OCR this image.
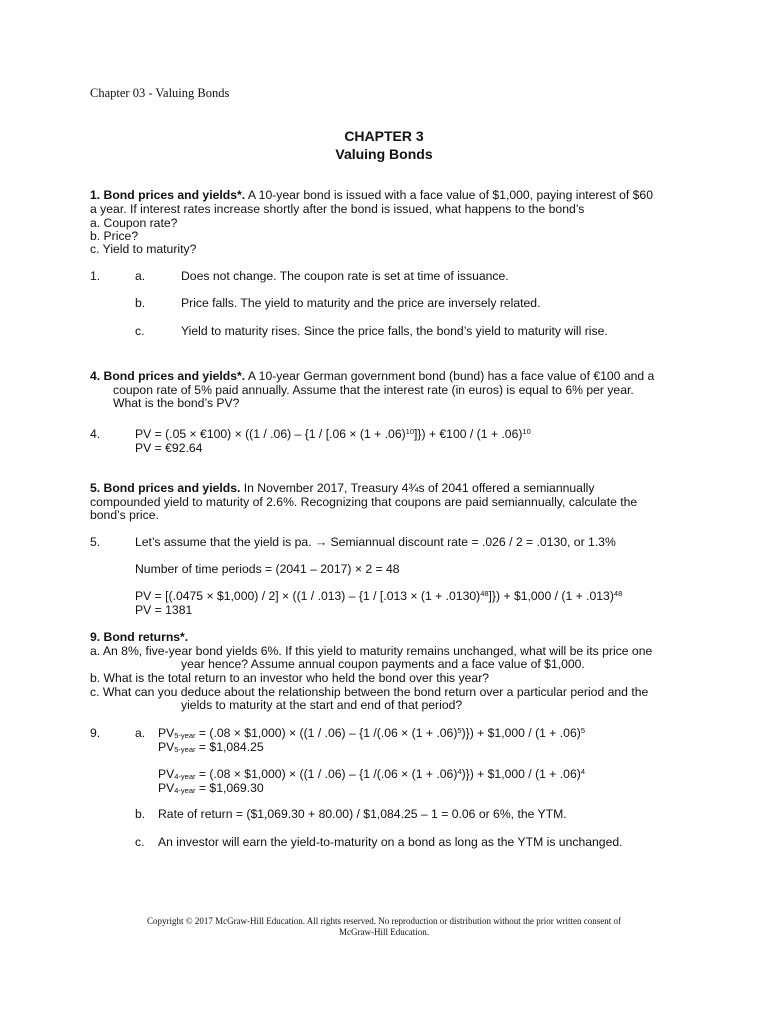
Chapter 03 - Valuing Bonds
CHAPTER 3
Valuing Bonds
1. Bond prices and yields*. A 10-year bond is issued with a face value of $1,000, paying interest of $60
a year. If interest rates increase shortly after the bond is issued, what happens to the bond’s
a. Coupon rate?
b. Price?
c. Yield to maturity?
1.	a.	Does not change. The coupon rate is set at time of issuance.
b.	Price falls. The yield to maturity and the price are inversely related.
c.	Yield to maturity rises. Since the price falls, the bond’s yield to maturity will rise.
4. Bond prices and yields*. A 10-year German government bond (bund) has a face value of €100 and a
coupon rate of 5% paid annually. Assume that the interest rate (in euros) is equal to 6% per year.
What is the bond’s PV?
4.	PV = (.05 × €100) × $((1 / .06) - \{1 / [.06 \times (1 + .06)^{10}]\})$ + €100 / $(1 + .06)^{10}$
PV = €92.64
5. Bond prices and yields. In November 2017, Treasury 4¾s of 2041 offered a semiannually
compounded yield to maturity of 2.6%. Recognizing that coupons are paid semiannually, calculate the
bond’s price.
5.	Let’s assume that the yield is pa. → Semiannual discount rate = .026 / 2 = .0130, or 1.3%
Number of time periods = (2041 – 2017) × 2 = 48
PV = [(.0475 × $1,000) / $2] \times ((1 / .013) - \{1 / [.013 \times (1 + .0130)^{48}]\})$ + $1,000 / $(1 + .013)^{48}$
PV = 1381
9. Bond returns*.
a. An 8%, five-year bond yields 6%. If this yield to maturity remains unchanged, what will be its price one
year hence? Assume annual coupon payments and a face value of $1,000.
b. What is the total return to an investor who held the bond over this year?
c. What can you deduce about the relationship between the bond return over a particular period and the
yields to maturity at the start and end of that period?
9.	a. $PV_{5-year} = (.08$ × $1,000) × ((1 / .06) – {1 $/(.06 \times (1 + .06)^5)$}) + $1,000 / $(1 + .06)^5$
$PV_{5-year}$ = $1,084.25
$PV_{4-year} = (.08$ × $1,000) × ((1 / .06) – {1 $/(.06 \times (1 + .06)^4)$}) + $1,000 / $(1 + .06)^4$
$PV_{4-year}$ = $1,069.30
b. Rate of return = ($1,069.30 + 80.00) / $1,084.25 – 1 = 0.06 or 6%, the YTM.
c. An investor will earn the yield-to-maturity on a bond as long as the YTM is unchanged.
Copyright © 2017 McGraw-Hill Education. All rights reserved. No reproduction or distribution without the prior written consent of
McGraw-Hill Education.
